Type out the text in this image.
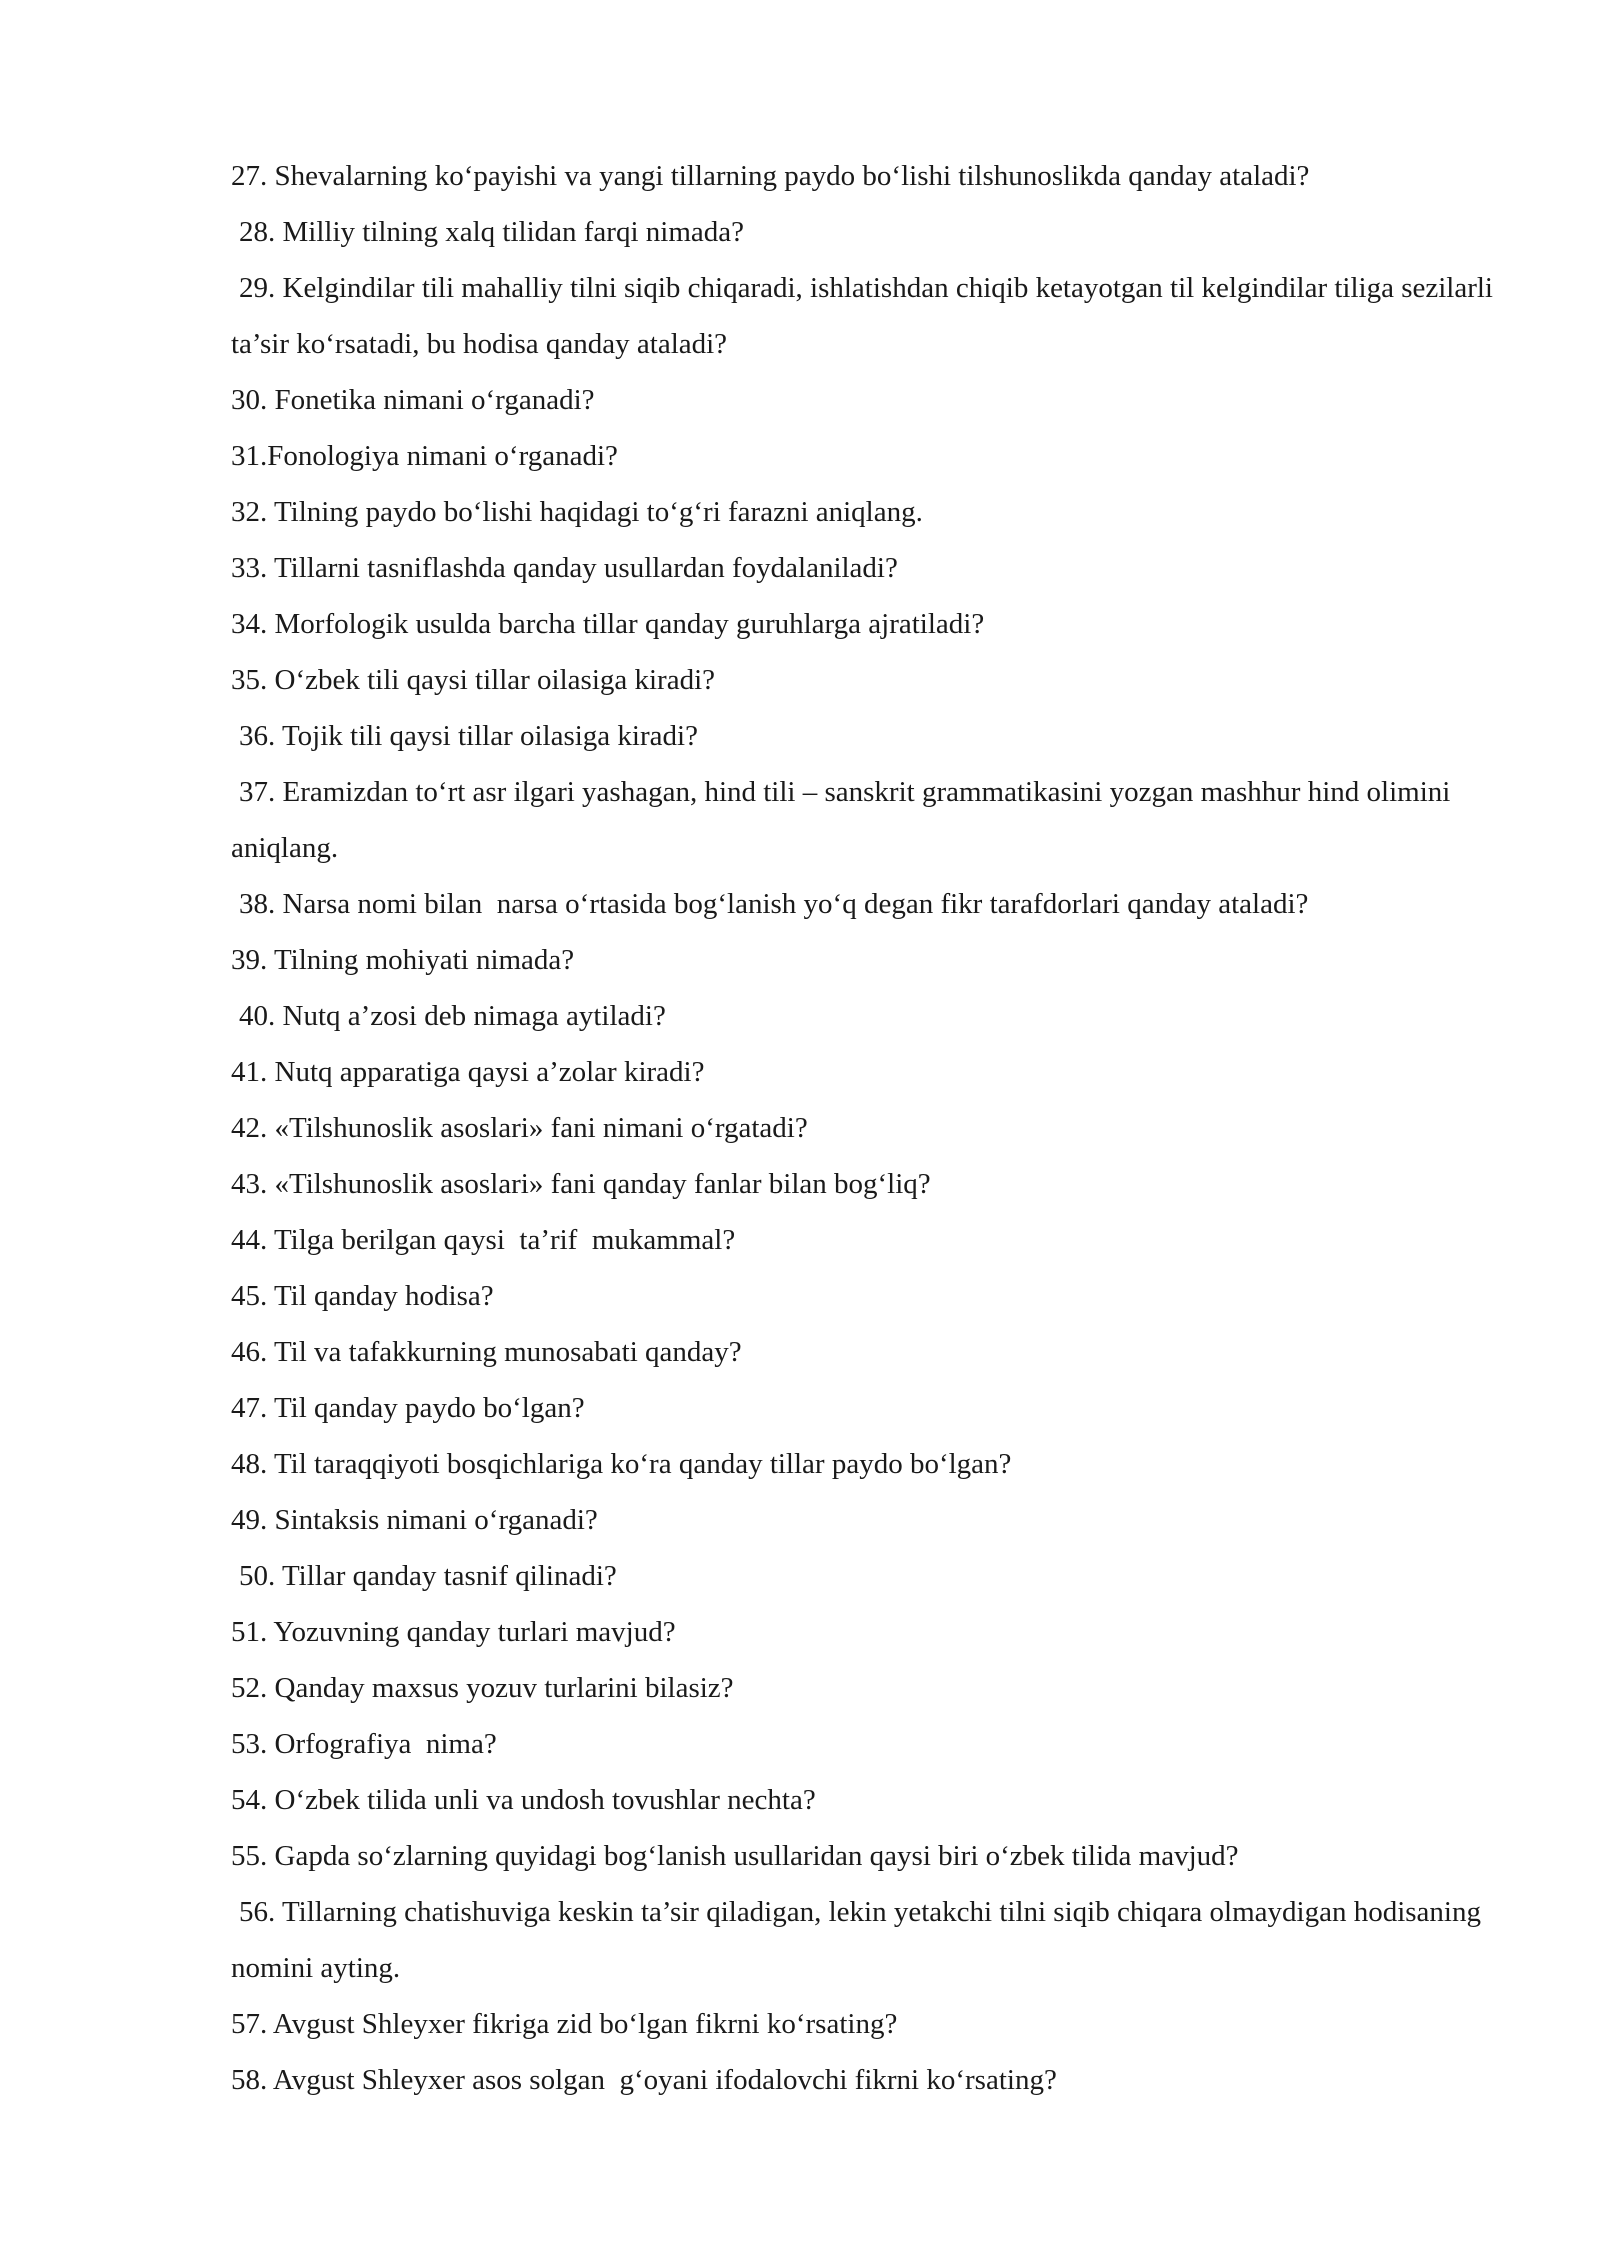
27. Shevalarning ko‘payishi va yangi tillarning paydo bo‘lishi tilshunoslikda qanday ataladi?

28. Milliy tilning xalq tilidan farqi nimada?

29. Kelgindilar tili mahalliy tilni siqib chiqaradi, ishlatishdan chiqib ketayotgan til kelgindilar tiliga sezilarli ta’sir ko‘rsatadi, bu hodisa qanday ataladi?

30. Fonetika nimani o‘rganadi?

31.Fonologiya nimani o‘rganadi?

32. Tilning paydo bo‘lishi haqidagi to‘g‘ri farazni aniqlang.

33. Tillarni tasniflashda qanday usullardan foydalaniladi?

34. Morfologik usulda barcha tillar qanday guruhlarga ajratiladi?

35. O‘zbek tili qaysi tillar oilasiga kiradi?

36. Tojik tili qaysi tillar oilasiga kiradi?

37. Eramizdan to‘rt asr ilgari yashagan, hind tili – sanskrit grammatikasini yozgan mashhur hind olimini aniqlang.

38. Narsa nomi bilan  narsa o‘rtasida bog‘lanish yo‘q degan fikr tarafdorlari qanday ataladi?

39. Tilning mohiyati nimada?

40. Nutq a’zosi deb nimaga aytiladi?

41. Nutq apparatiga qaysi a’zolar kiradi?

42. «Tilshunoslik asoslari» fani nimani o‘rgatadi?

43. «Tilshunoslik asoslari» fani qanday fanlar bilan bog‘liq?

44. Tilga berilgan qaysi  ta’rif  mukammal?

45. Til qanday hodisa?

46. Til va tafakkurning munosabati qanday?

47. Til qanday paydo bo‘lgan?

48. Til taraqqiyoti bosqichlariga ko‘ra qanday tillar paydo bo‘lgan?

49. Sintaksis nimani o‘rganadi?

50. Tillar qanday tasnif qilinadi?

51. Yozuvning qanday turlari mavjud?

52. Qanday maxsus yozuv turlarini bilasiz?

53. Orfografiya  nima?

54. O‘zbek tilida unli va undosh tovushlar nechta?

55. Gapda so‘zlarning quyidagi bog‘lanish usullaridan qaysi biri o‘zbek tilida mavjud?

56. Tillarning chatishuviga keskin ta’sir qiladigan, lekin yetakchi tilni siqib chiqara olmaydigan hodisaning nomini ayting.

57. Avgust Shleyxer fikriga zid bo‘lgan fikrni ko‘rsating?

58. Avgust Shleyxer asos solgan  g‘oyani ifodalovchi fikrni ko‘rsating?
